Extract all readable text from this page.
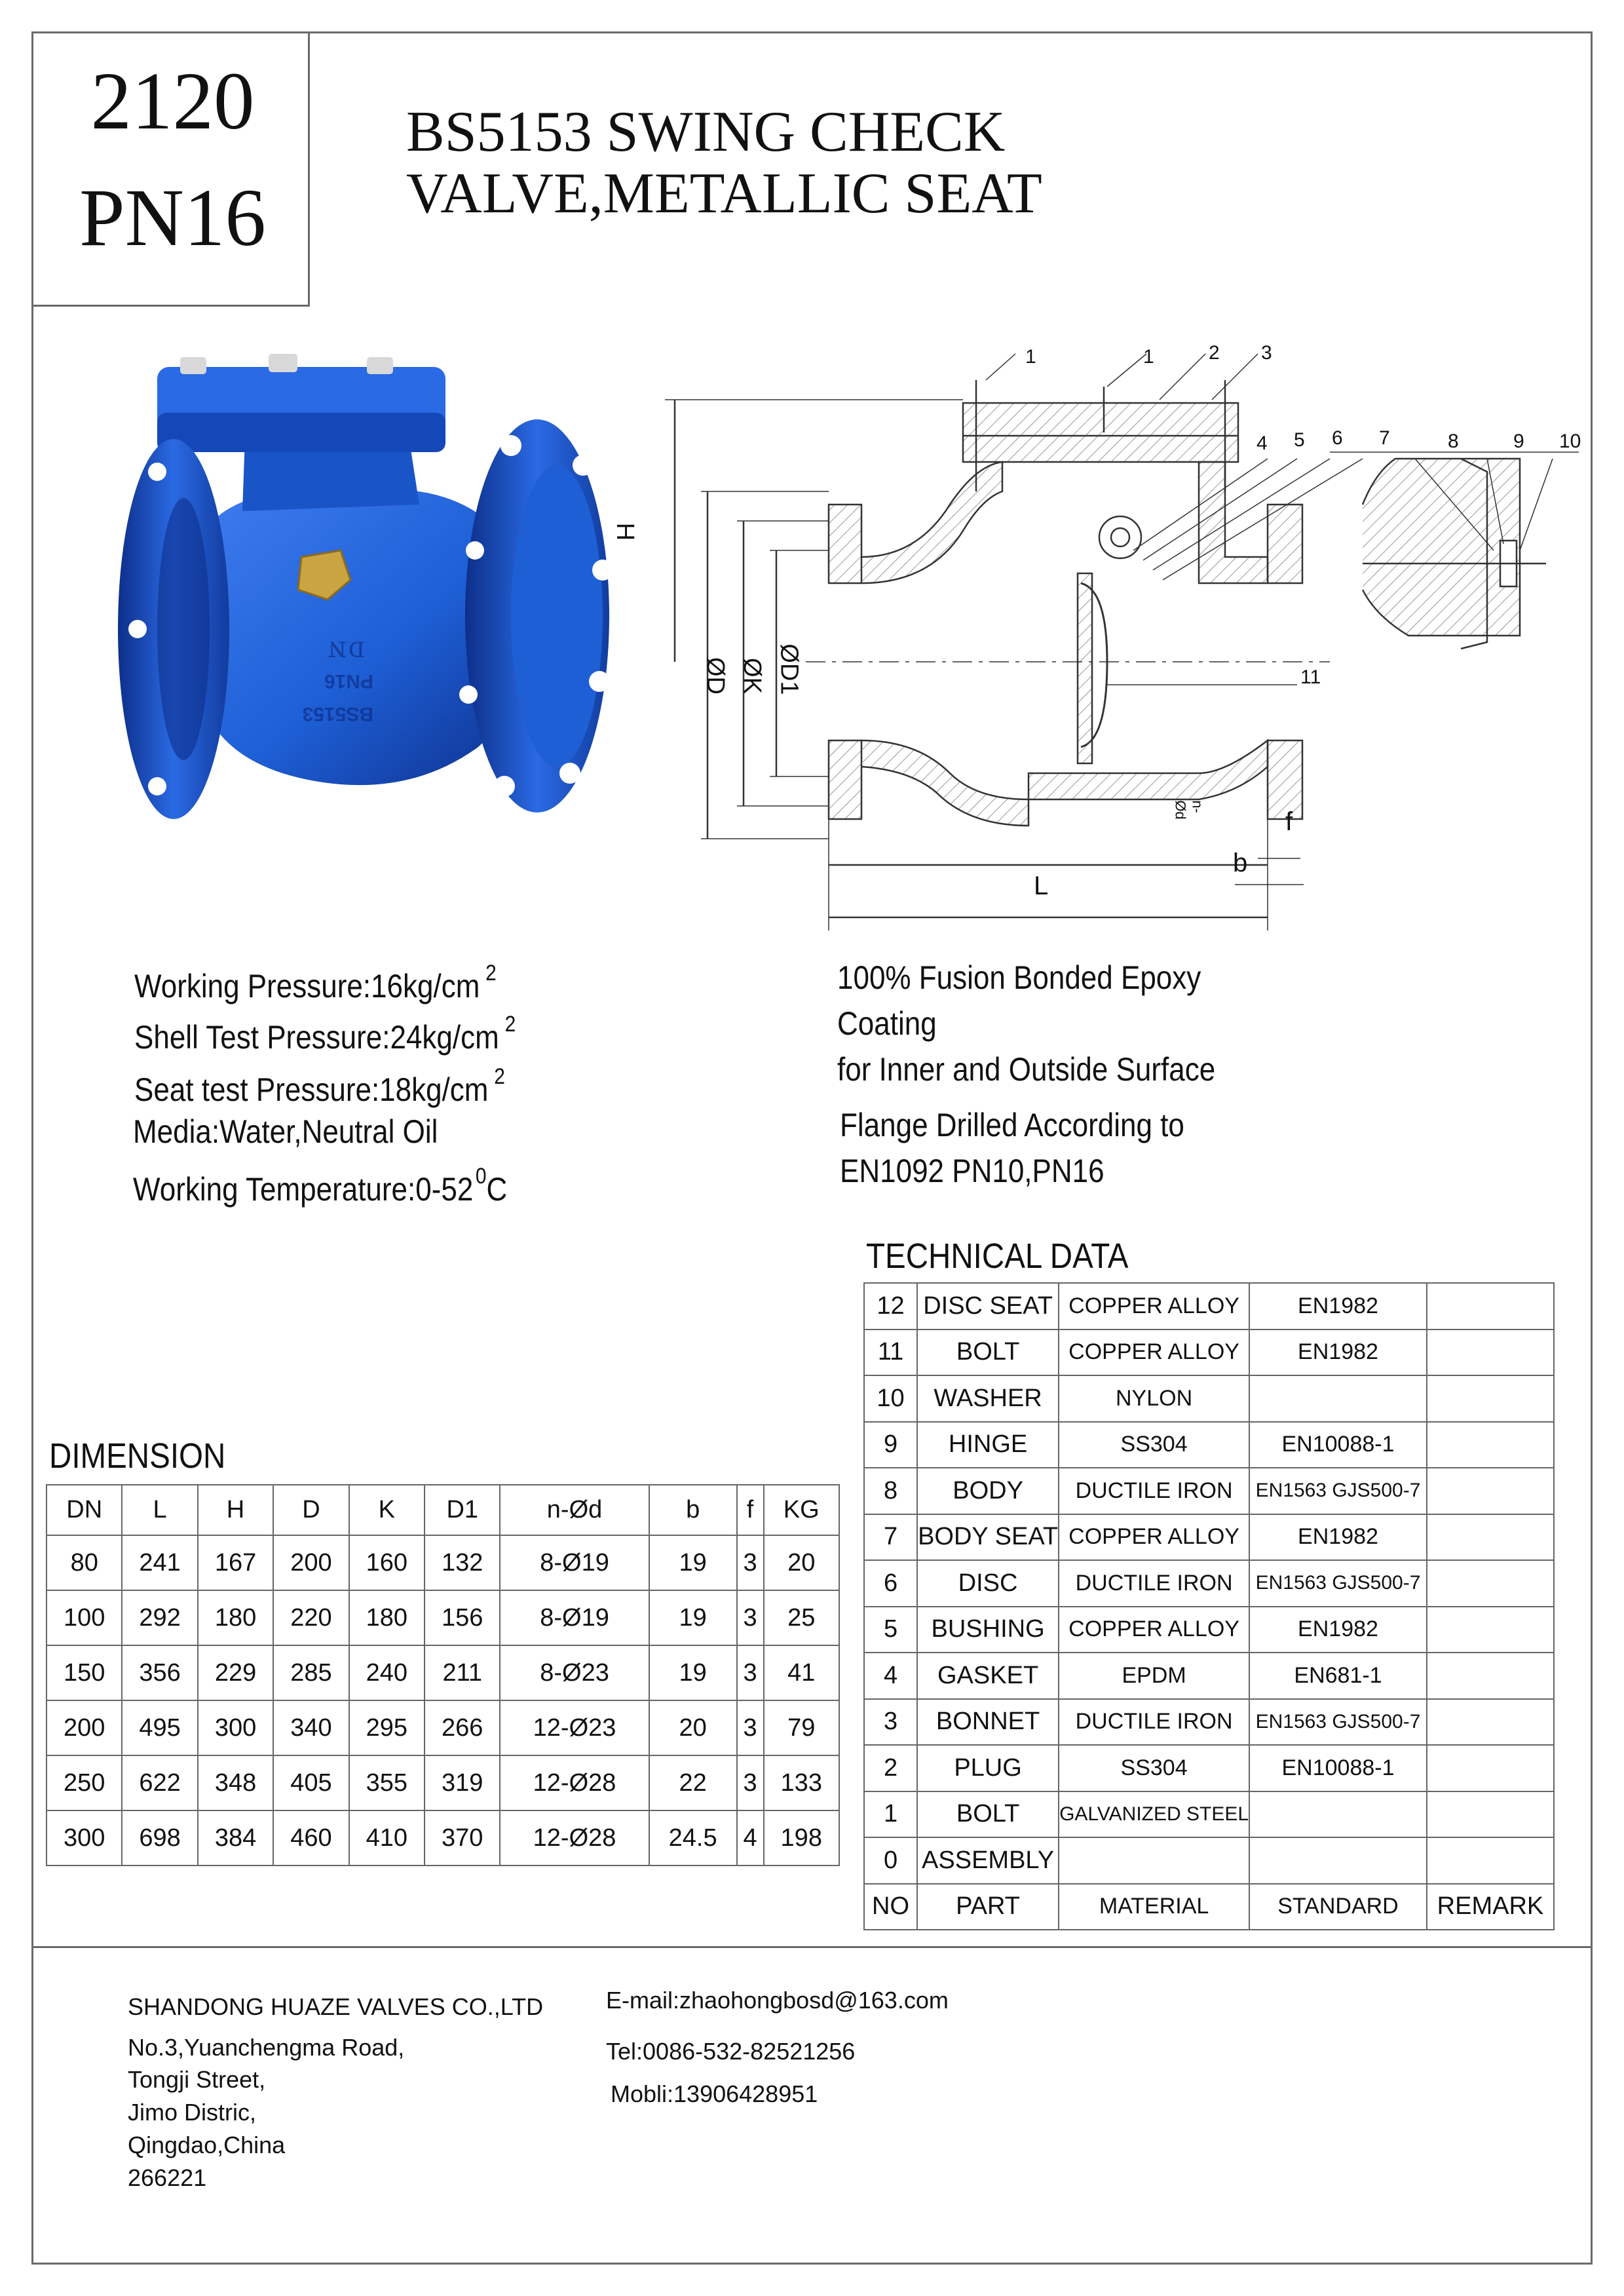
2120
PN16
BS5153 SWING CHECK
VALVE,METALLIC SEAT
ＤＮ
PN16
BS5153
1	1	2 3
4 5 6 7	8	9 10
11
H
ØD ØK ØD1
n-Ød	f
b
L
Working Pressure:16kg/cm $^2$
Shell Test Pressure:24kg/cm $^2$
Seat test Pressure:18kg/cm $^2$
Media:Water,Neutral Oil
Working Temperature:0-52 $^0$C
100% Fusion Bonded Epoxy
Coating
for Inner and Outside Surface
Flange Drilled According to
EN1092 PN10,PN16
TECHNICAL DATA
12	DISC SEAT	COPPER ALLOY	EN1982	
11	BOLT	COPPER ALLOY	EN1982	
10	WASHER	NYLON		
9	HINGE	SS304	EN10088-1	
8	BODY	DUCTILE IRON	EN1563 GJS500-7	
7	BODY SEAT	COPPER ALLOY	EN1982	
6	DISC	DUCTILE IRON	EN1563 GJS500-7	
5	BUSHING	COPPER ALLOY	EN1982	
4	GASKET	EPDM	EN681-1	
3	BONNET	DUCTILE IRON	EN1563 GJS500-7	
2	PLUG	SS304	EN10088-1	
1	BOLT	GALVANIZED STEEL		
0	ASSEMBLY			
NO	PART	MATERIAL	STANDARD	REMARK
DIMENSION
DN	L	H	D	K	D1	n-Ød	b	f	KG
80	241	167	200	160	132	8-Ø19	19	3	20
100	292	180	220	180	156	8-Ø19	19	3	25
150	356	229	285	240	211	8-Ø23	19	3	41
200	495	300	340	295	266	12-Ø23	20	3	79
250	622	348	405	355	319	12-Ø28	22	3	133
300	698	384	460	410	370	12-Ø28	24.5	4	198
SHANDONG HUAZE VALVES CO.,LTD
No.3,Yuanchengma Road,
Tongji Street,
Jimo Distric,
Qingdao,China
266221
E-mail:zhaohongbosd@163.com
Tel:0086-532-82521256
Mobli:13906428951
